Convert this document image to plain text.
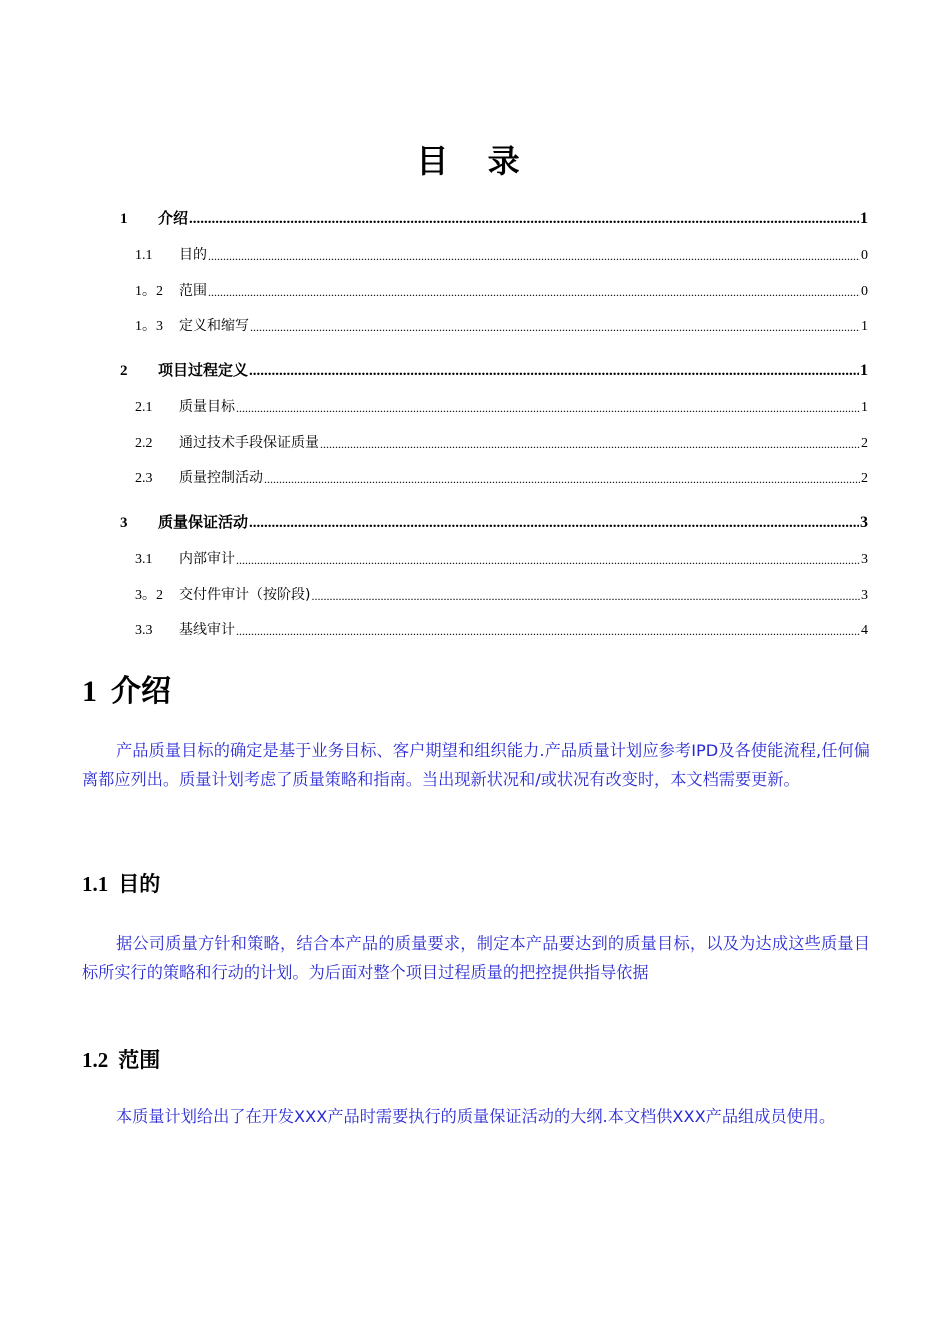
目 录
1	介绍 .....	1
1.1	目的 .....	0
1。2	范围 .....	0
1。3	定义和缩写 .....	1
2	项目过程定义 .....	1
2.1	质量目标 .....	1
2.2	通过技术手段保证质量 .....	2
2.3	质量控制活动 .....	2
3	质量保证活动 .....	3
3.1	内部审计 .....	3
3。2	交付件审计（按阶段) .....	3
3.3	基线审计 .....	4
1 介绍

产品质量目标的确定是基于业务目标、客户期望和组织能力.产品质量计划应参考IPD及各使能流程,任何偏离都应列出。质量计划考虑了质量策略和指南。当出现新状况和/或状况有改变时，本文档需要更新。

1.1 目的

据公司质量方针和策略，结合本产品的质量要求，制定本产品要达到的质量目标，以及为达成这些质量目标所实行的策略和行动的计划。为后面对整个项目过程质量的把控提供指导依据

1.2 范围

本质量计划给出了在开发XXX产品时需要执行的质量保证活动的大纲.本文档供XXX产品组成员使用。
